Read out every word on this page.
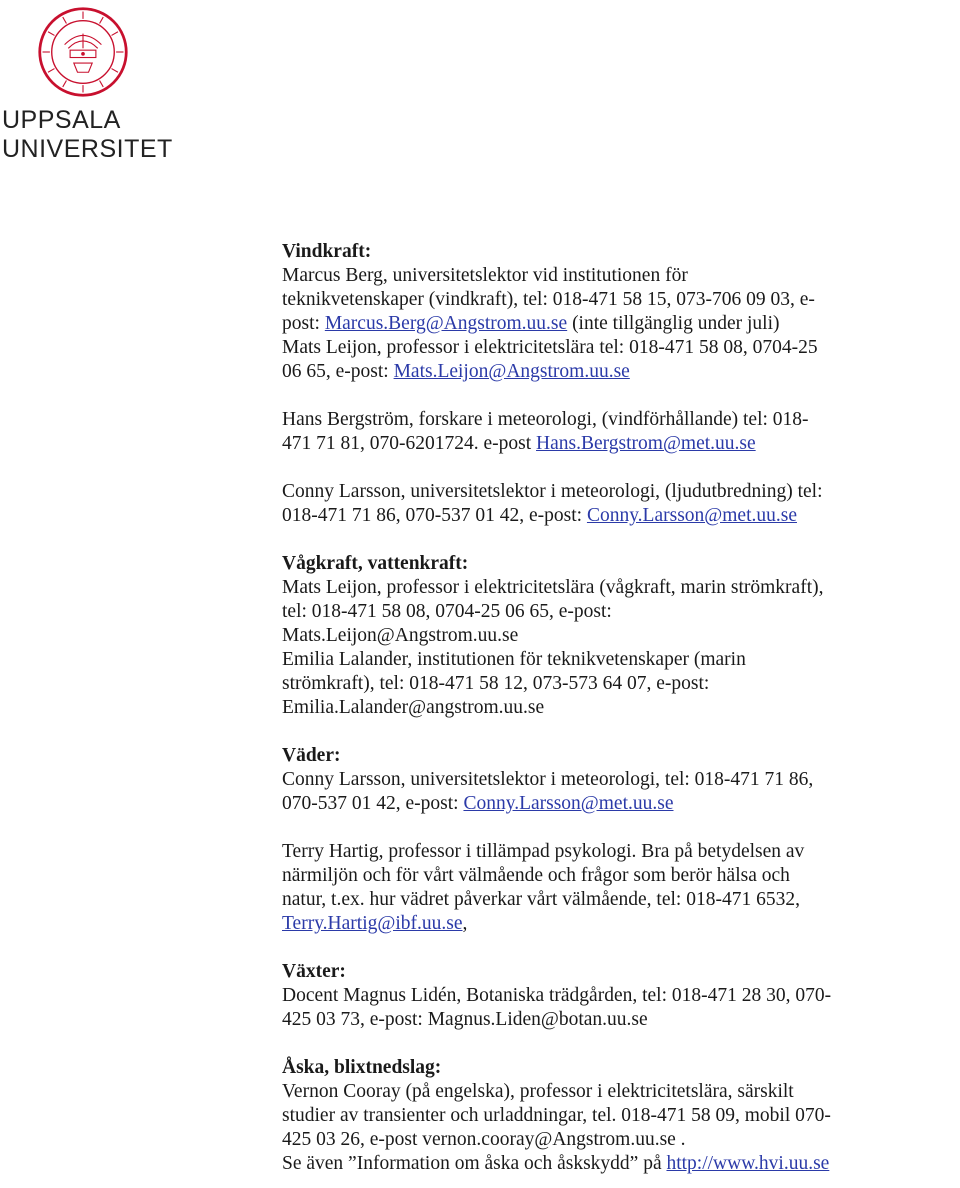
UPPSALA
UNIVERSITET
Vindkraft:
Marcus Berg, universitetslektor vid institutionen för
teknikvetenskaper (vindkraft), tel: 018-471 58 15, 073-706 09 03, e-
post: Marcus.Berg@Angstrom.uu.se (inte tillgänglig under juli)
Mats Leijon, professor i elektricitetslära tel: 018-471 58 08, 0704-25
06 65, e-post: Mats.Leijon@Angstrom.uu.se
Hans Bergström, forskare i meteorologi, (vindförhållande) tel: 018-
471 71 81, 070-6201724. e-post Hans.Bergstrom@met.uu.se
Conny Larsson, universitetslektor i meteorologi, (ljudutbredning) tel:
018-471 71 86, 070-537 01 42, e-post: Conny.Larsson@met.uu.se
Vågkraft, vattenkraft:
Mats Leijon, professor i elektricitetslära (vågkraft, marin strömkraft),
tel: 018-471 58 08, 0704-25 06 65, e-post:
Mats.Leijon@Angstrom.uu.se
Emilia Lalander, institutionen för teknikvetenskaper (marin
strömkraft), tel: 018-471 58 12, 073-573 64 07, e-post:
Emilia.Lalander@angstrom.uu.se
Väder:
Conny Larsson, universitetslektor i meteorologi, tel: 018-471 71 86,
070-537 01 42, e-post: Conny.Larsson@met.uu.se
Terry Hartig, professor i tillämpad psykologi. Bra på betydelsen av
närmiljön och för vårt välmående och frågor som berör hälsa och
natur, t.ex. hur vädret påverkar vårt välmående, tel: 018-471 6532,
Terry.Hartig@ibf.uu.se,
Växter:
Docent Magnus Lidén, Botaniska trädgården, tel: 018-471 28 30, 070-
425 03 73, e-post: Magnus.Liden@botan.uu.se
Åska, blixtnedslag:
Vernon Cooray (på engelska), professor i elektricitetslära, särskilt
studier av transienter och urladdningar, tel. 018-471 58 09, mobil 070-
425 03 26, e-post vernon.cooray@Angstrom.uu.se .
Se även ”Information om åska och åskskydd” på http://www.hvi.uu.se
